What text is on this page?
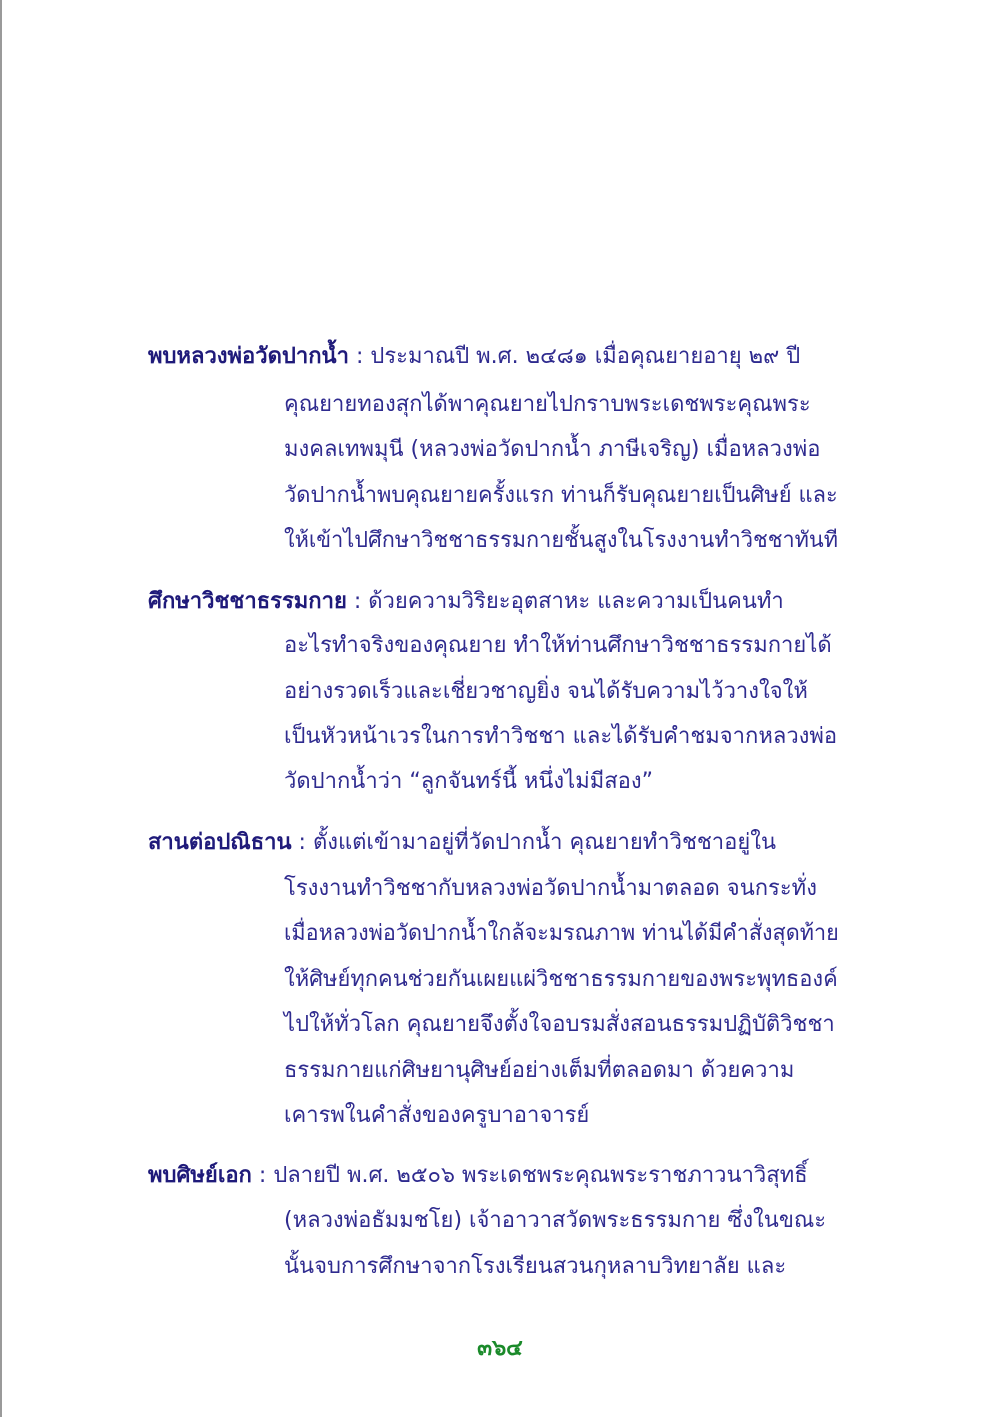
พบหลวงพ่อวัดปากน้ำ : ประมาณปี พ.ศ. ๒๔๘๑ เมื่อคุณยายอายุ ๒๙ ปี
คุณยายทองสุกได้พาคุณยายไปกราบพระเดชพระคุณพระ
มงคลเทพมุนี (หลวงพ่อวัดปากน้ำ ภาษีเจริญ) เมื่อหลวงพ่อ
วัดปากน้ำพบคุณยายครั้งแรก ท่านก็รับคุณยายเป็นศิษย์ และ
ให้เข้าไปศึกษาวิชชาธรรมกายชั้นสูงในโรงงานทำวิชชาทันที
ศึกษาวิชชาธรรมกาย : ด้วยความวิริยะอุตสาหะ และความเป็นคนทำ
อะไรทำจริงของคุณยาย ทำให้ท่านศึกษาวิชชาธรรมกายได้
อย่างรวดเร็วและเชี่ยวชาญยิ่ง จนได้รับความไว้วางใจให้
เป็นหัวหน้าเวรในการทำวิชชา และได้รับคำชมจากหลวงพ่อ
วัดปากน้ำว่า “ลูกจันทร์นี้ หนึ่งไม่มีสอง”
สานต่อปณิธาน : ตั้งแต่เข้ามาอยู่ที่วัดปากน้ำ คุณยายทำวิชชาอยู่ใน
โรงงานทำวิชชากับหลวงพ่อวัดปากน้ำมาตลอด จนกระทั่ง
เมื่อหลวงพ่อวัดปากน้ำใกล้จะมรณภาพ ท่านได้มีคำสั่งสุดท้าย
ให้ศิษย์ทุกคนช่วยกันเผยแผ่วิชชาธรรมกายของพระพุทธองค์
ไปให้ทั่วโลก คุณยายจึงตั้งใจอบรมสั่งสอนธรรมปฏิบัติวิชชา
ธรรมกายแก่ศิษยานุศิษย์อย่างเต็มที่ตลอดมา ด้วยความ
เคารพในคำสั่งของครูบาอาจารย์
พบศิษย์เอก : ปลายปี พ.ศ. ๒๕๐๖ พระเดชพระคุณพระราชภาวนาวิสุทธิ์
(หลวงพ่อธัมมชโย) เจ้าอาวาสวัดพระธรรมกาย ซึ่งในขณะ
นั้นจบการศึกษาจากโรงเรียนสวนกุหลาบวิทยาลัย และ
๓๖๔
